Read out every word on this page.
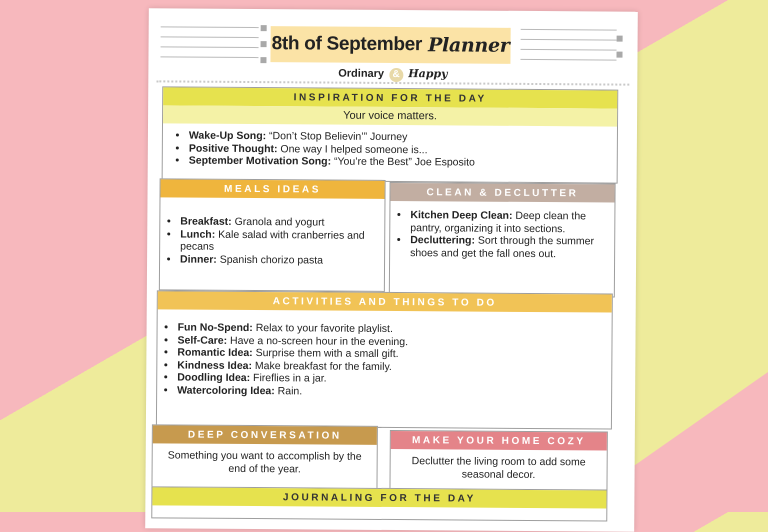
8th of September Planner
Ordinary & Happy
INSPIRATION FOR THE DAY
Your voice matters.
• Wake-Up Song: “Don’t Stop Believin’” Journey
• Positive Thought: One way I helped someone is...
• September Motivation Song: “You’re the Best” Joe Esposito
MEALS IDEAS
• Breakfast: Granola and yogurt
• Lunch: Kale salad with cranberries and pecans
• Dinner: Spanish chorizo pasta
CLEAN & DECLUTTER
• Kitchen Deep Clean: Deep clean the pantry, organizing it into sections.
• Decluttering: Sort through the summer shoes and get the fall ones out.
ACTIVITIES AND THINGS TO DO
• Fun No-Spend: Relax to your favorite playlist.
• Self-Care: Have a no-screen hour in the evening.
• Romantic Idea: Surprise them with a small gift.
• Kindness Idea: Make breakfast for the family.
• Doodling Idea: Fireflies in a jar.
• Watercoloring Idea: Rain.
DEEP CONVERSATION
Something you want to accomplish by the end of the year.
MAKE YOUR HOME COZY
Declutter the living room to add some seasonal decor.
JOURNALING FOR THE DAY
